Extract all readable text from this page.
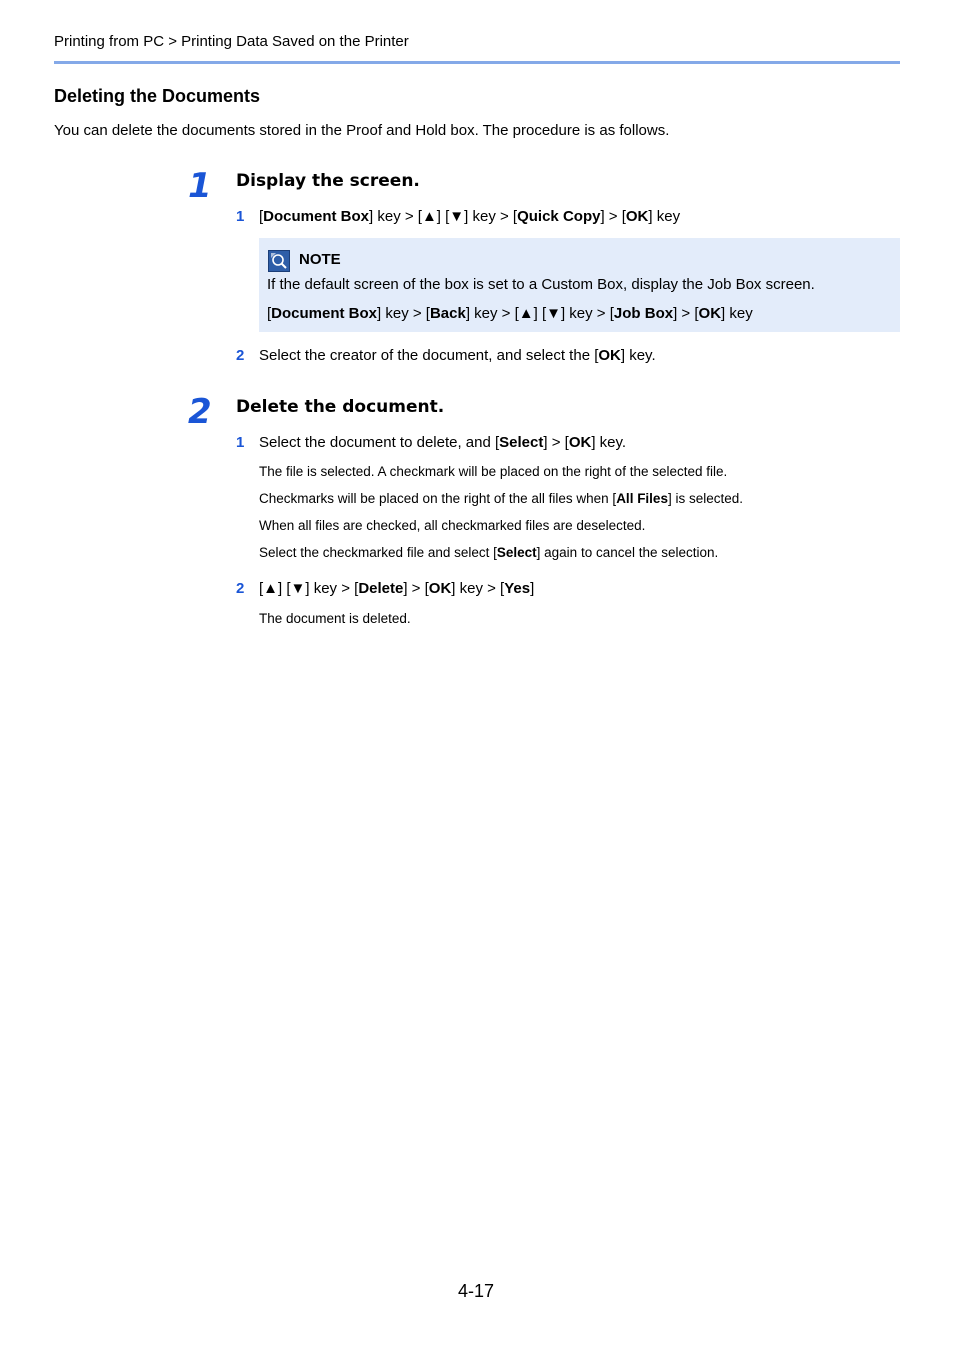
Printing from PC > Printing Data Saved on the Printer
Deleting the Documents
You can delete the documents stored in the Proof and Hold box. The procedure is as follows.
1 Display the screen.
1 [Document Box] key > [▲] [▼] key > [Quick Copy] > [OK] key
NOTE
If the default screen of the box is set to a Custom Box, display the Job Box screen.
[Document Box] key > [Back] key > [▲] [▼] key > [Job Box] > [OK] key
2 Select the creator of the document, and select the [OK] key.
2 Delete the document.
1 Select the document to delete, and [Select] > [OK] key.
The file is selected. A checkmark will be placed on the right of the selected file.
Checkmarks will be placed on the right of the all files when [All Files] is selected.
When all files are checked, all checkmarked files are deselected.
Select the checkmarked file and select [Select] again to cancel the selection.
2 [▲] [▼] key > [Delete] > [OK] key > [Yes]
The document is deleted.
4-17
